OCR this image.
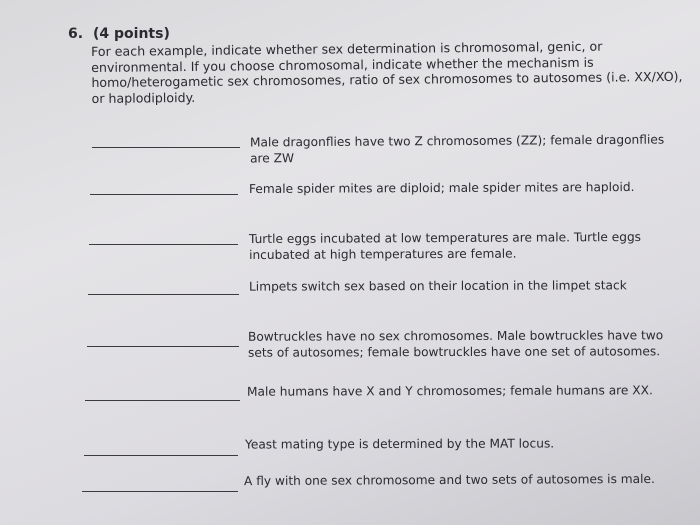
6. (4 points)
For each example, indicate whether sex determination is chromosomal, genic, or
environmental. If you choose chromosomal, indicate whether the mechanism is
homo/heterogametic sex chromosomes, ratio of sex chromosomes to autosomes (i.e. XX/XO),
or haplodiploidy.
Male dragonflies have two Z chromosomes (ZZ); female dragonflies
are ZW
Female spider mites are diploid; male spider mites are haploid.
Turtle eggs incubated at low temperatures are male. Turtle eggs
incubated at high temperatures are female.
Limpets switch sex based on their location in the limpet stack
Bowtruckles have no sex chromosomes. Male bowtruckles have two
sets of autosomes; female bowtruckles have one set of autosomes.
Male humans have X and Y chromosomes; female humans are XX.
Yeast mating type is determined by the MAT locus.
A fly with one sex chromosome and two sets of autosomes is male.
